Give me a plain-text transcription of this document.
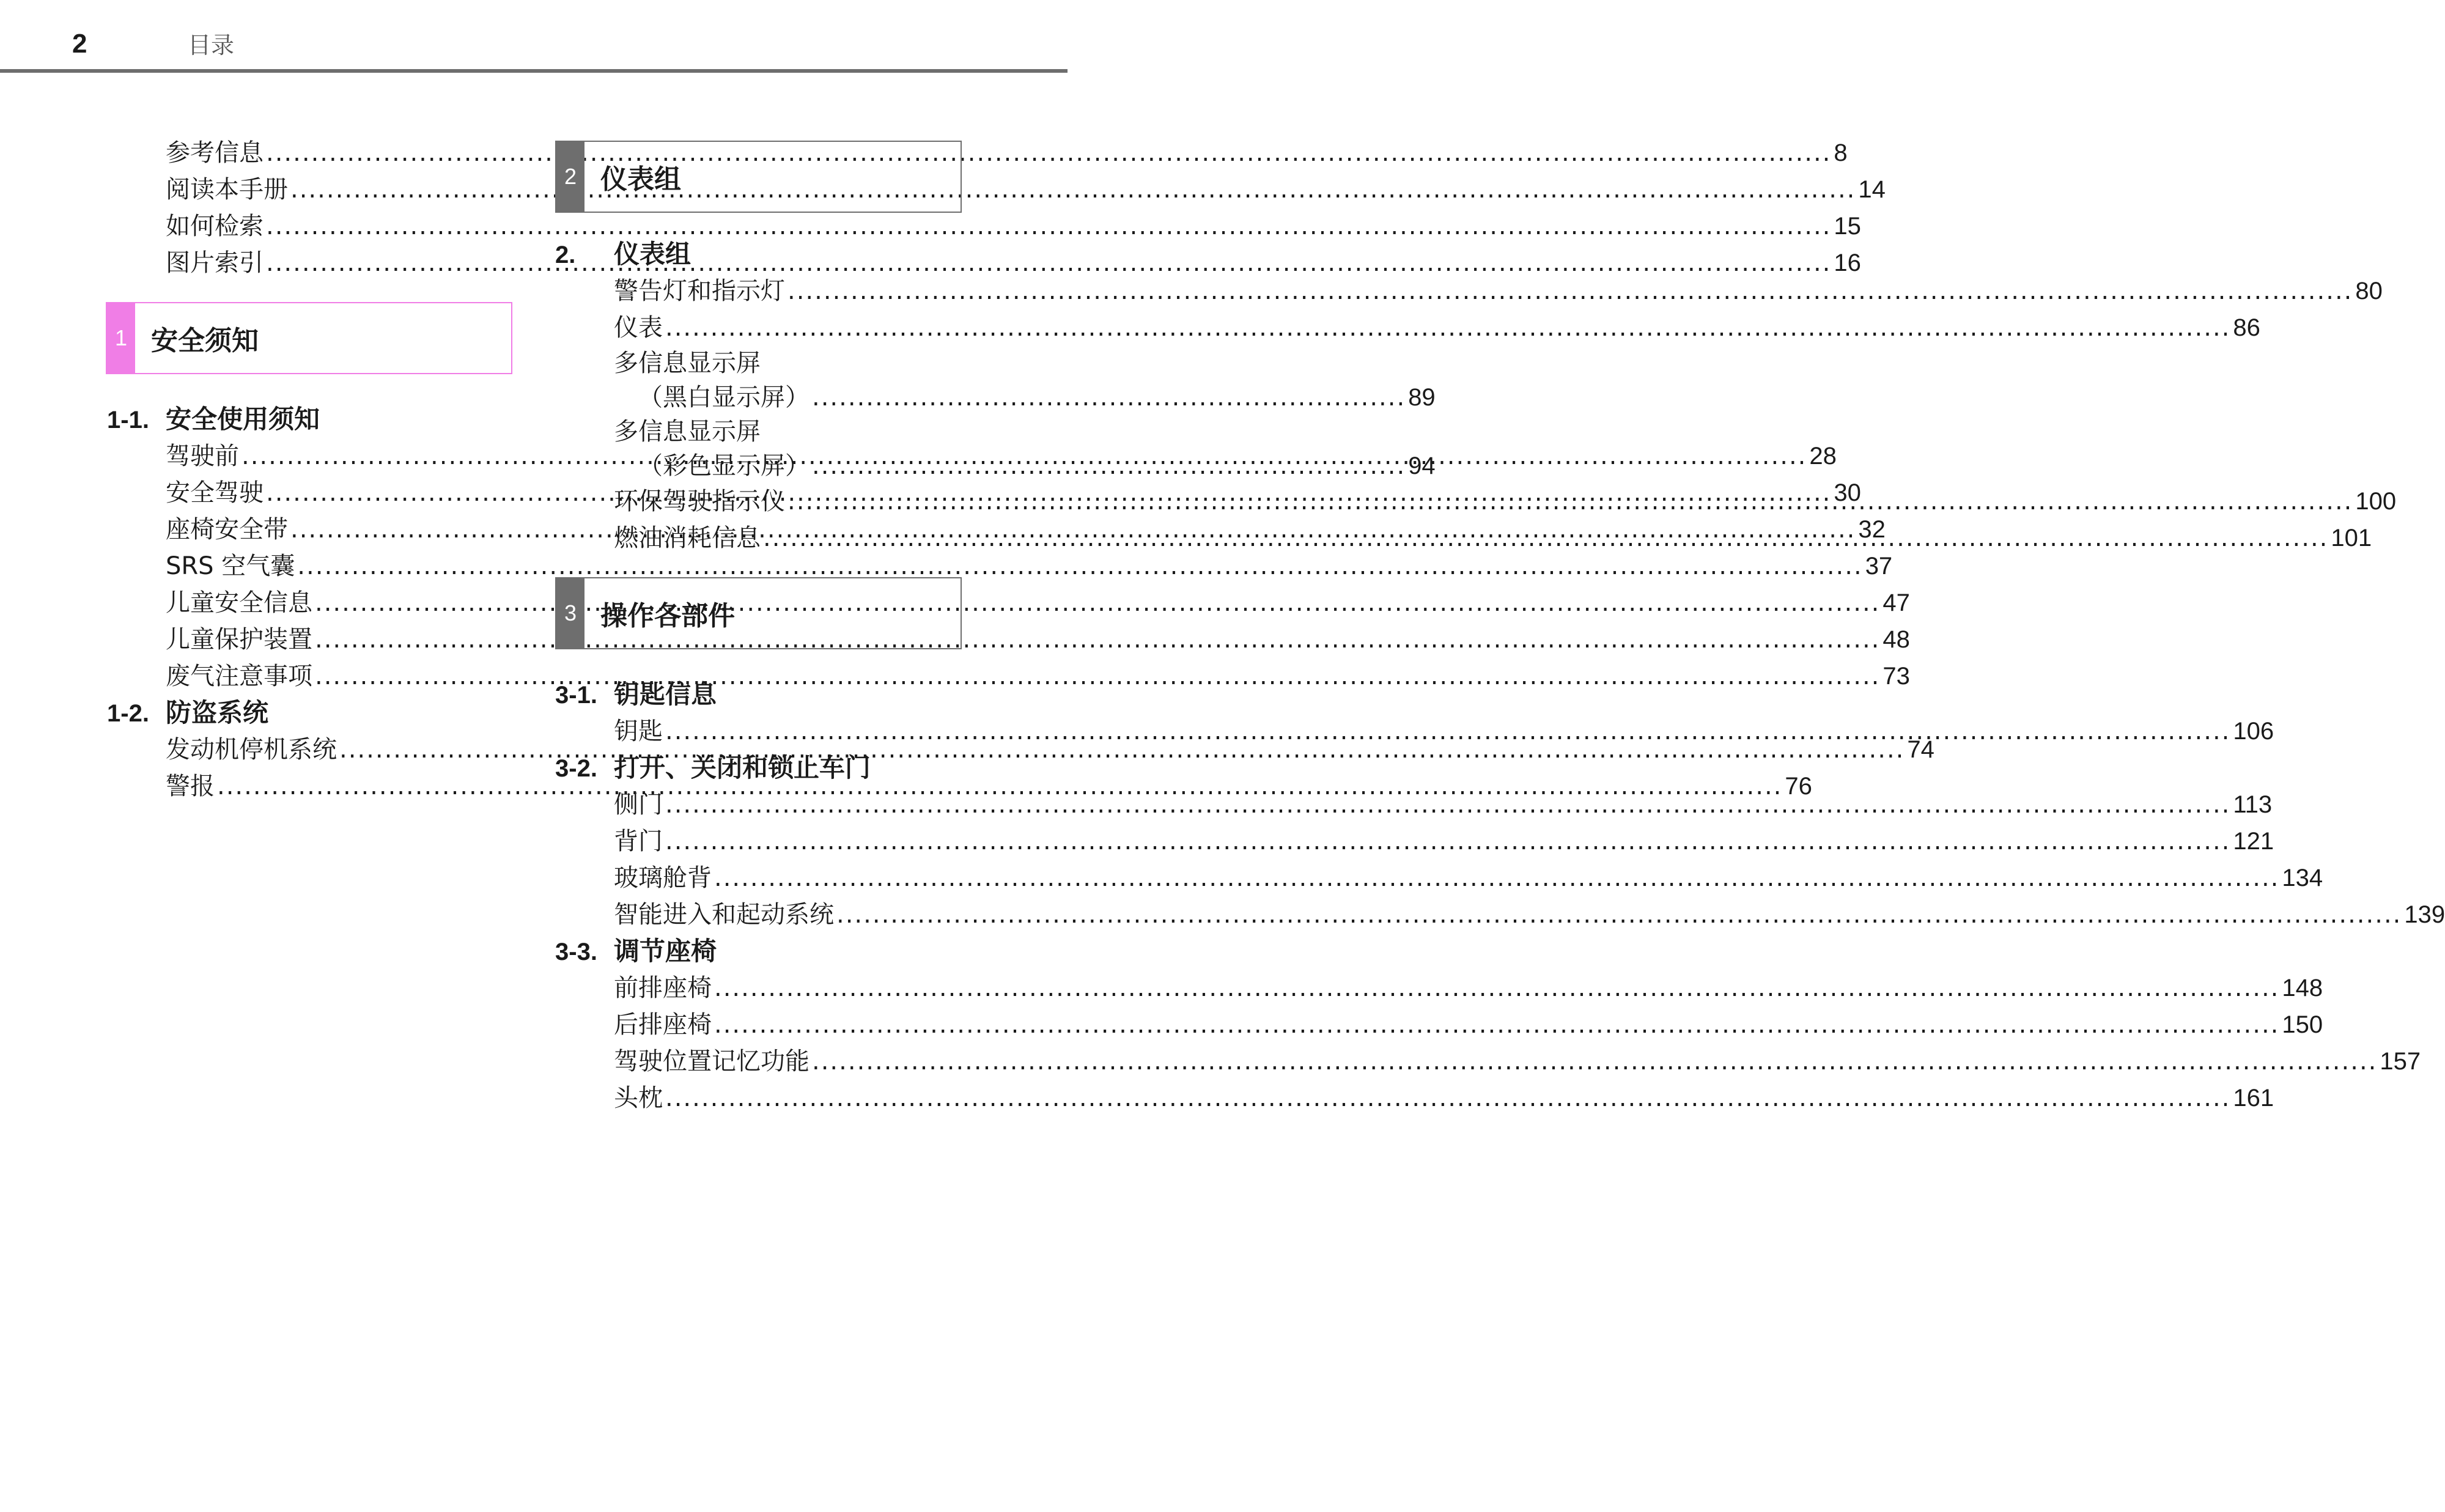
2	目录
参考信息 .....	8
阅读本手册 .....	14
如何检索 .....	15
图片索引 .....	16
1 安全须知
1-1. 安全使用须知
驾驶前 .....	28
安全驾驶 .....	30
座椅安全带 .....	32
SRS 空气囊 .....	37
儿童安全信息 .....	47
儿童保护装置 .....	48
废气注意事项 .....	73
1-2. 防盗系统
发动机停机系统 .....	74
警报 .....	76
2 仪表组
2.	仪表组
警告灯和指示灯 .....	80
仪表 .....	86
多信息显示屏
（黑白显示屏） .................................................................. 89
多信息显示屏
（彩色显示屏） .................................................................. 94
环保驾驶指示仪 .....	100
燃油消耗信息 .....	101
3 操作各部件
3-1. 钥匙信息
钥匙 .....	106
3-2. 打开、关闭和锁止车门
侧门 .....	113
背门 .....	121
玻璃舱背 .....	134
智能进入和起动系统 .....	139
3-3. 调节座椅
前排座椅 .....	148
后排座椅 .....	150
驾驶位置记忆功能 .....	157
头枕 .....	161
